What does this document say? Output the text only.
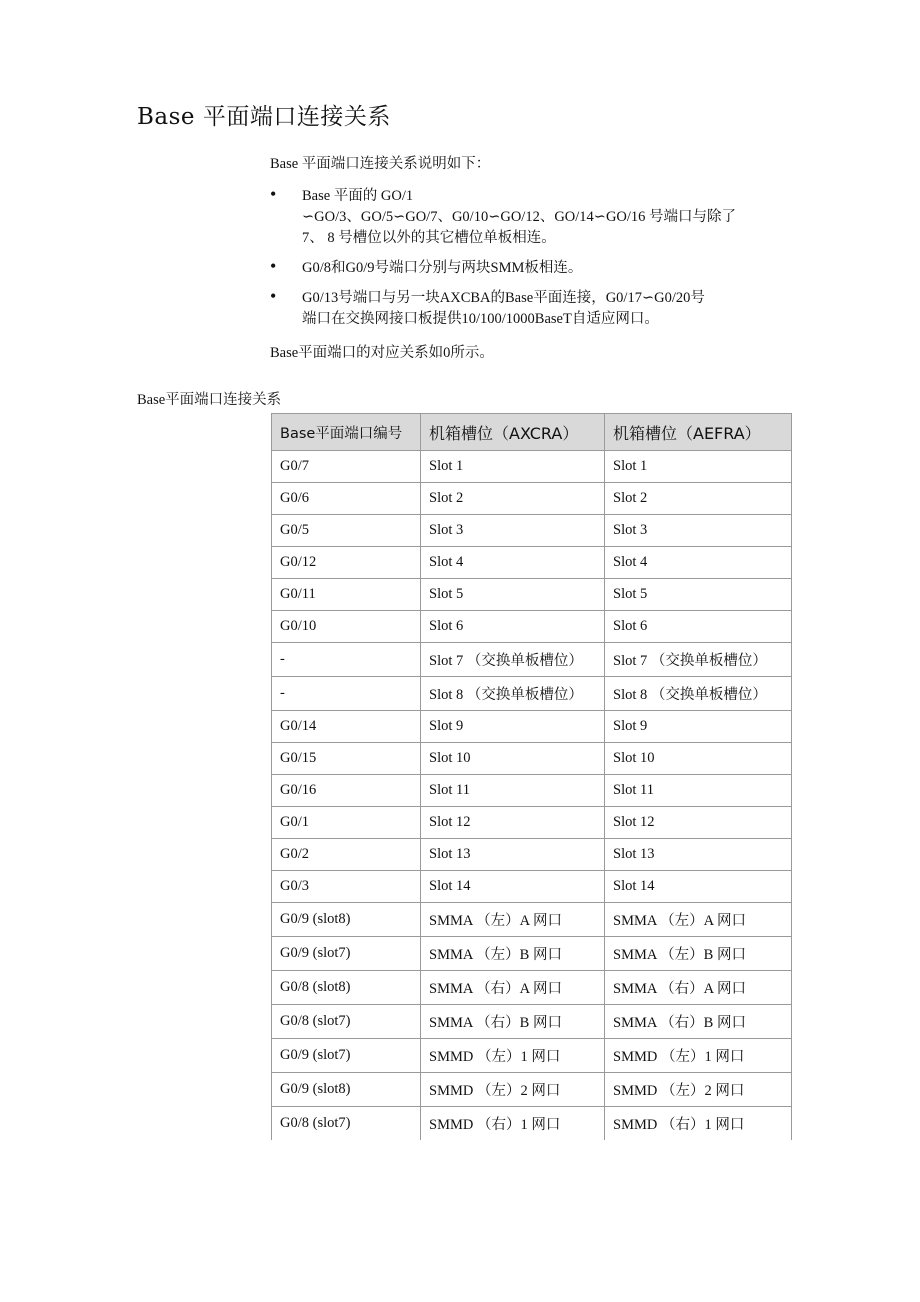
Base 平面端口连接关系

Base 平面端口连接关系说明如下：

• Base 平面的 GO/1
∽GO/3、GO/5∽GO/7、G0/10∽GO/12、GO/14∽GO/16 号端口与除了
7、 8 号槽位以外的其它槽位单板相连。
• G0/8和G0/9号端口分别与两块SMM板相连。
• G0/13号端口与另一块AXCBA的Base平面连接，G0/17∽G0/20号
端口在交换网接口板提供10/100/1000BaseT自适应网口。

Base平面端口的对应关系如0所示。

Base平面端口连接关系

Base平面端口编号	机箱槽位（AXCRA）	机箱槽位（AEFRA）
G0/7	Slot 1	Slot 1
G0/6	Slot 2	Slot 2
G0/5	Slot 3	Slot 3
G0/12	Slot 4	Slot 4
G0/11	Slot 5	Slot 5
G0/10	Slot 6	Slot 6
-	Slot 7 （交换单板槽位）	Slot 7 （交换单板槽位）
-	Slot 8 （交换单板槽位）	Slot 8 （交换单板槽位）
G0/14	Slot 9	Slot 9
G0/15	Slot 10	Slot 10
G0/16	Slot 11	Slot 11
G0/1	Slot 12	Slot 12
G0/2	Slot 13	Slot 13
G0/3	Slot 14	Slot 14
G0/9 (slot8)	SMMA （左）A 网口	SMMA （左）A 网口
G0/9 (slot7)	SMMA （左）B 网口	SMMA （左）B 网口
G0/8 (slot8)	SMMA （右）A 网口	SMMA （右）A 网口
G0/8 (slot7)	SMMA （右）B 网口	SMMA （右）B 网口
G0/9 (slot7)	SMMD （左）1 网口	SMMD （左）1 网口
G0/9 (slot8)	SMMD （左）2 网口	SMMD （左）2 网口
G0/8 (slot7)	SMMD （右）1 网口	SMMD （右）1 网口
